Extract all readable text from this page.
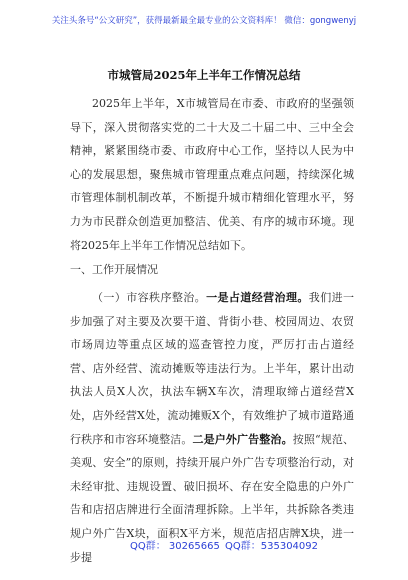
关注头条号“公文研究”，获得最新最全最专业的公文资料库！ 微信：gongwenyj
市城管局2025年上半年工作情况总结
2025年上半年，X市城管局在市委、市政府的坚强领导下，深入贯彻落实党的二十大及二十届二中、三中全会精神，紧紧围绕市委、市政府中心工作，坚持以人民为中心的发展思想，聚焦城市管理重点难点问题，持续深化城市管理体制机制改革，不断提升城市精细化管理水平，努力为市民群众创造更加整洁、优美、有序的城市环境。现将2025年上半年工作情况总结如下。
一、工作开展情况
（一）市容秩序整治。一是占道经营治理。我们进一步加强了对主要及次要干道、背街小巷、校园周边、农贸市场周边等重点区域的巡查管控力度，严厉打击占道经营、店外经营、流动摊贩等违法行为。上半年，累计出动执法人员X人次，执法车辆X车次，清理取缔占道经营X处，店外经营X处，流动摊贩X个，有效维护了城市道路通行秩序和市容环境整洁。二是户外广告整治。按照“规范、美观、安全”的原则，持续开展户外广告专项整治行动，对未经审批、违规设置、破旧损坏、存在安全隐患的户外广告和店招店牌进行全面清理拆除。上半年，共拆除各类违规户外广告X块，面积X平方米，规范店招店牌X块，进一步提
QQ群： 30265665 QQ群：535304092
